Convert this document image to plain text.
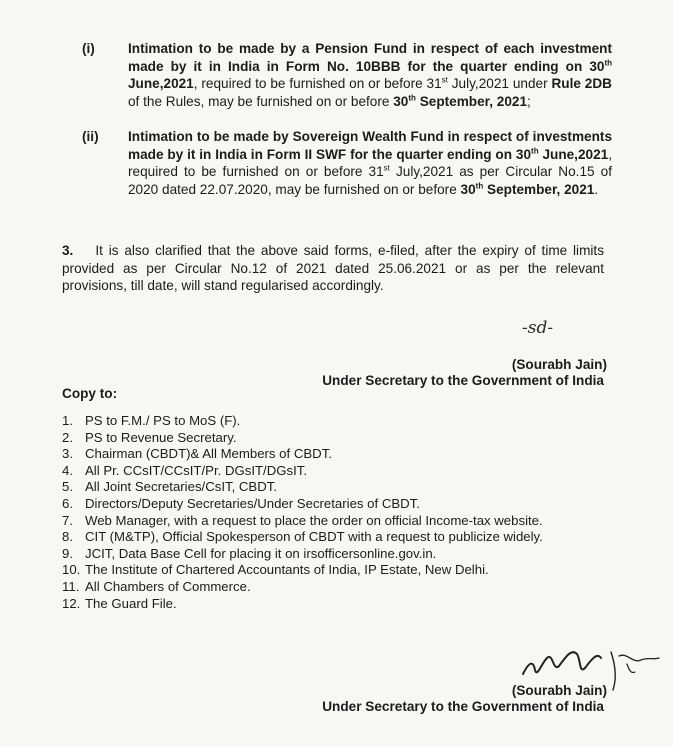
(i) Intimation to be made by a Pension Fund in respect of each investment made by it in India in Form No. 10BBB for the quarter ending on 30th June,2021, required to be furnished on or before 31st July,2021 under Rule 2DB of the Rules, may be furnished on or before 30th September, 2021;
(ii) Intimation to be made by Sovereign Wealth Fund in respect of investments made by it in India in Form II SWF for the quarter ending on 30th June,2021, required to be furnished on or before 31st July,2021 as per Circular No.15 of 2020 dated 22.07.2020, may be furnished on or before 30th September, 2021.
3. It is also clarified that the above said forms, e-filed, after the expiry of time limits provided as per Circular No.12 of 2021 dated 25.06.2021 or as per the relevant provisions, till date, will stand regularised accordingly.
-sd-
(Sourabh Jain)
Under Secretary to the Government of India
Copy to:
1. PS to F.M./ PS to MoS (F).
2. PS to Revenue Secretary.
3. Chairman (CBDT)& All Members of CBDT.
4. All Pr. CCsIT/CCsIT/Pr. DGsIT/DGsIT.
5. All Joint Secretaries/CsIT, CBDT.
6. Directors/Deputy Secretaries/Under Secretaries of CBDT.
7. Web Manager, with a request to place the order on official Income-tax website.
8. CIT (M&TP), Official Spokesperson of CBDT with a request to publicize widely.
9. JCIT, Data Base Cell for placing it on irsofficersonline.gov.in.
10. The Institute of Chartered Accountants of India, IP Estate, New Delhi.
11. All Chambers of Commerce.
12. The Guard File.
(Sourabh Jain)
Under Secretary to the Government of India
